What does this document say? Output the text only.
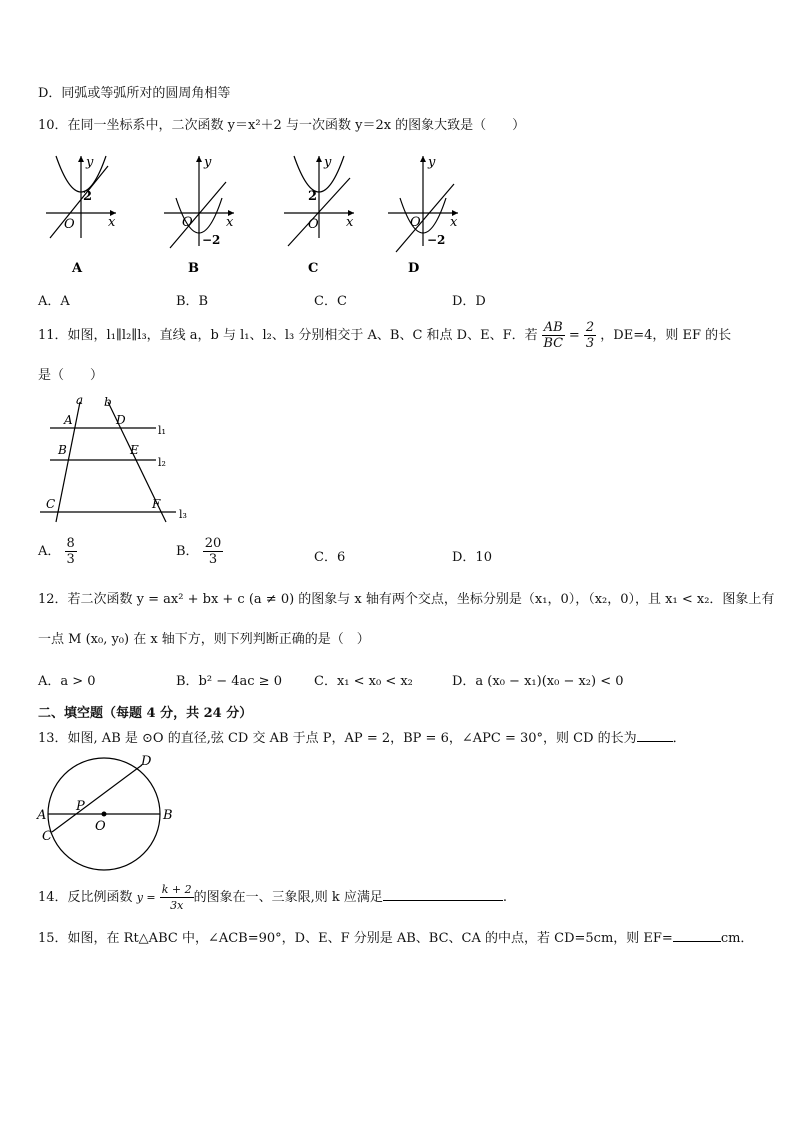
D．同弧或等弧所对的圆周角相等
10．在同一坐标系中，二次函数 y＝x²＋2 与一次函数 y＝2x 的图象大致是（　　）
y
x
O
2
A
y
x
O
−2
B
y
x
O
2
C
y
x
O
−2
D
A．A	B．B	C．C	D．D
11．如图，l₁∥l₂∥l₃，直线 a，b 与 l₁、l₂、l₃ 分别相交于 A、B、C 和点 D、E、F．若 $\frac{AB}{BC} = \frac{2}{3}$ ，DE=4，则 EF 的长
是（　　）
a b
A	D
B	E
C	F
l₁
l₂
l₃
A． $\frac{8}{3}$	B． $\frac{20}{3}$	C．6	D．10
12．若二次函数 y = ax² + bx + c (a ≠ 0) 的图象与 x 轴有两个交点，坐标分别是（x₁，0），（x₂，0），且 x₁ < x₂．图象上有
一点 M (x₀, y₀) 在 x 轴下方，则下列判断正确的是（　）
A．a > 0	B．b² − 4ac ≥ 0 C．x₁ < x₀ < x₂	D．a (x₀ − x₁)(x₀ − x₂) < 0
二、填空题（每题 4 分，共 24 分）
13．如图, AB 是 ⊙O 的直径,弦 CD 交 AB 于点 P，AP = 2，BP = 6，∠APC = 30°，则 CD 的长为	．
A	B
C
D
P
O
14．反比例函数 $y = \frac{k + 2}{3x}$ 的图象在一、三象限,则 k 应满足	.
15．如图，在 Rt△ABC 中，∠ACB=90°，D、E、F 分别是 AB、BC、CA 的中点，若 CD=5cm，则 EF=	cm．
